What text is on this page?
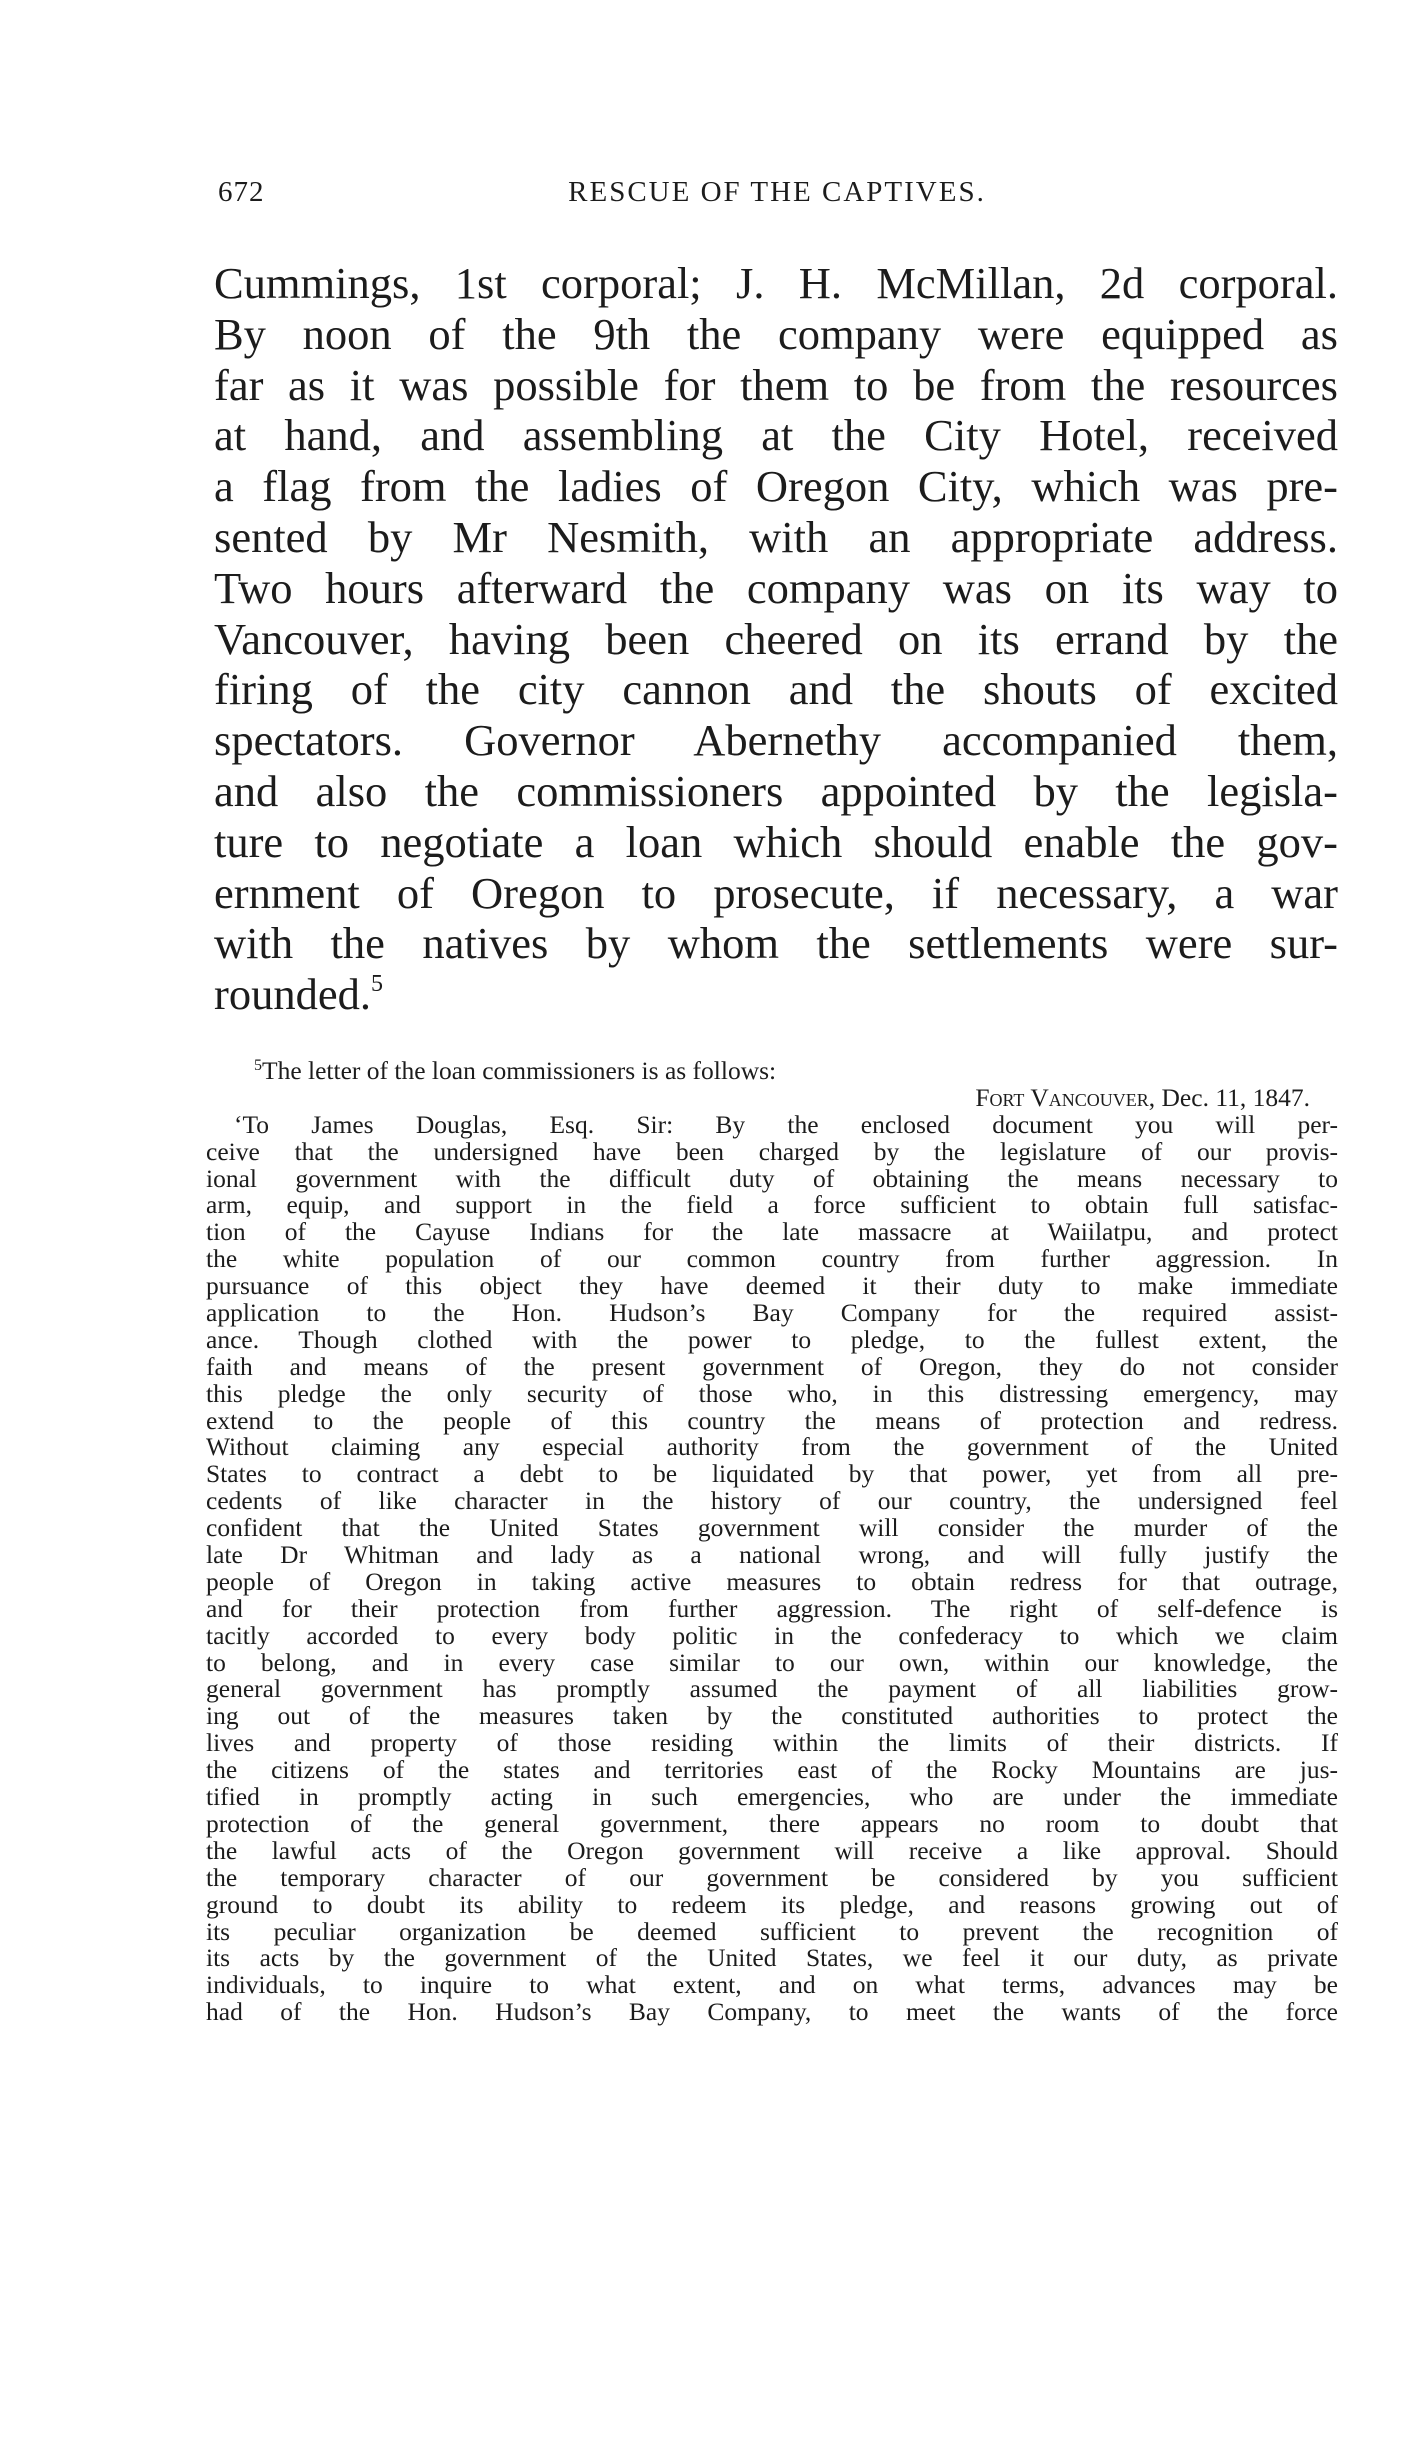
672	RESCUE OF THE CAPTIVES.
Cummings, 1st corporal; J. H. McMillan, 2d corporal.
By noon of the 9th the company were equipped as
far as it was possible for them to be from the resources
at hand, and assembling at the City Hotel, received
a flag from the ladies of Oregon City, which was pre-
sented by Mr Nesmith, with an appropriate address.
Two hours afterward the company was on its way to
Vancouver, having been cheered on its errand by the
firing of the city cannon and the shouts of excited
spectators. Governor Abernethy accompanied them,
and also the commissioners appointed by the legisla-
ture to negotiate a loan which should enable the gov-
ernment of Oregon to prosecute, if necessary, a war
with the natives by whom the settlements were sur-
rounded.$^5$
$^5$The letter of the loan commissioners is as follows:
Fort Vancouver, Dec. 11, 1847.
‘To James Douglas, Esq. Sir: By the enclosed document you will per-
ceive that the undersigned have been charged by the legislature of our provis-
ional government with the difficult duty of obtaining the means necessary to
arm, equip, and support in the field a force sufficient to obtain full satisfac-
tion of the Cayuse Indians for the late massacre at Waiilatpu, and protect
the white population of our common country from further aggression. In
pursuance of this object they have deemed it their duty to make immediate
application to the Hon. Hudson’s Bay Company for the required assist-
ance. Though clothed with the power to pledge, to the fullest extent, the
faith and means of the present government of Oregon, they do not consider
this pledge the only security of those who, in this distressing emergency, may
extend to the people of this country the means of protection and redress.
Without claiming any especial authority from the government of the United
States to contract a debt to be liquidated by that power, yet from all pre-
cedents of like character in the history of our country, the undersigned feel
confident that the United States government will consider the murder of the
late Dr Whitman and lady as a national wrong, and will fully justify the
people of Oregon in taking active measures to obtain redress for that outrage,
and for their protection from further aggression. The right of self-defence is
tacitly accorded to every body politic in the confederacy to which we claim
to belong, and in every case similar to our own, within our knowledge, the
general government has promptly assumed the payment of all liabilities grow-
ing out of the measures taken by the constituted authorities to protect the
lives and property of those residing within the limits of their districts. If
the citizens of the states and territories east of the Rocky Mountains are jus-
tified in promptly acting in such emergencies, who are under the immediate
protection of the general government, there appears no room to doubt that
the lawful acts of the Oregon government will receive a like approval. Should
the temporary character of our government be considered by you sufficient
ground to doubt its ability to redeem its pledge, and reasons growing out of
its peculiar organization be deemed sufficient to prevent the recognition of
its acts by the government of the United States, we feel it our duty, as private
individuals, to inquire to what extent, and on what terms, advances may be
had of the Hon. Hudson’s Bay Company, to meet the wants of the force
